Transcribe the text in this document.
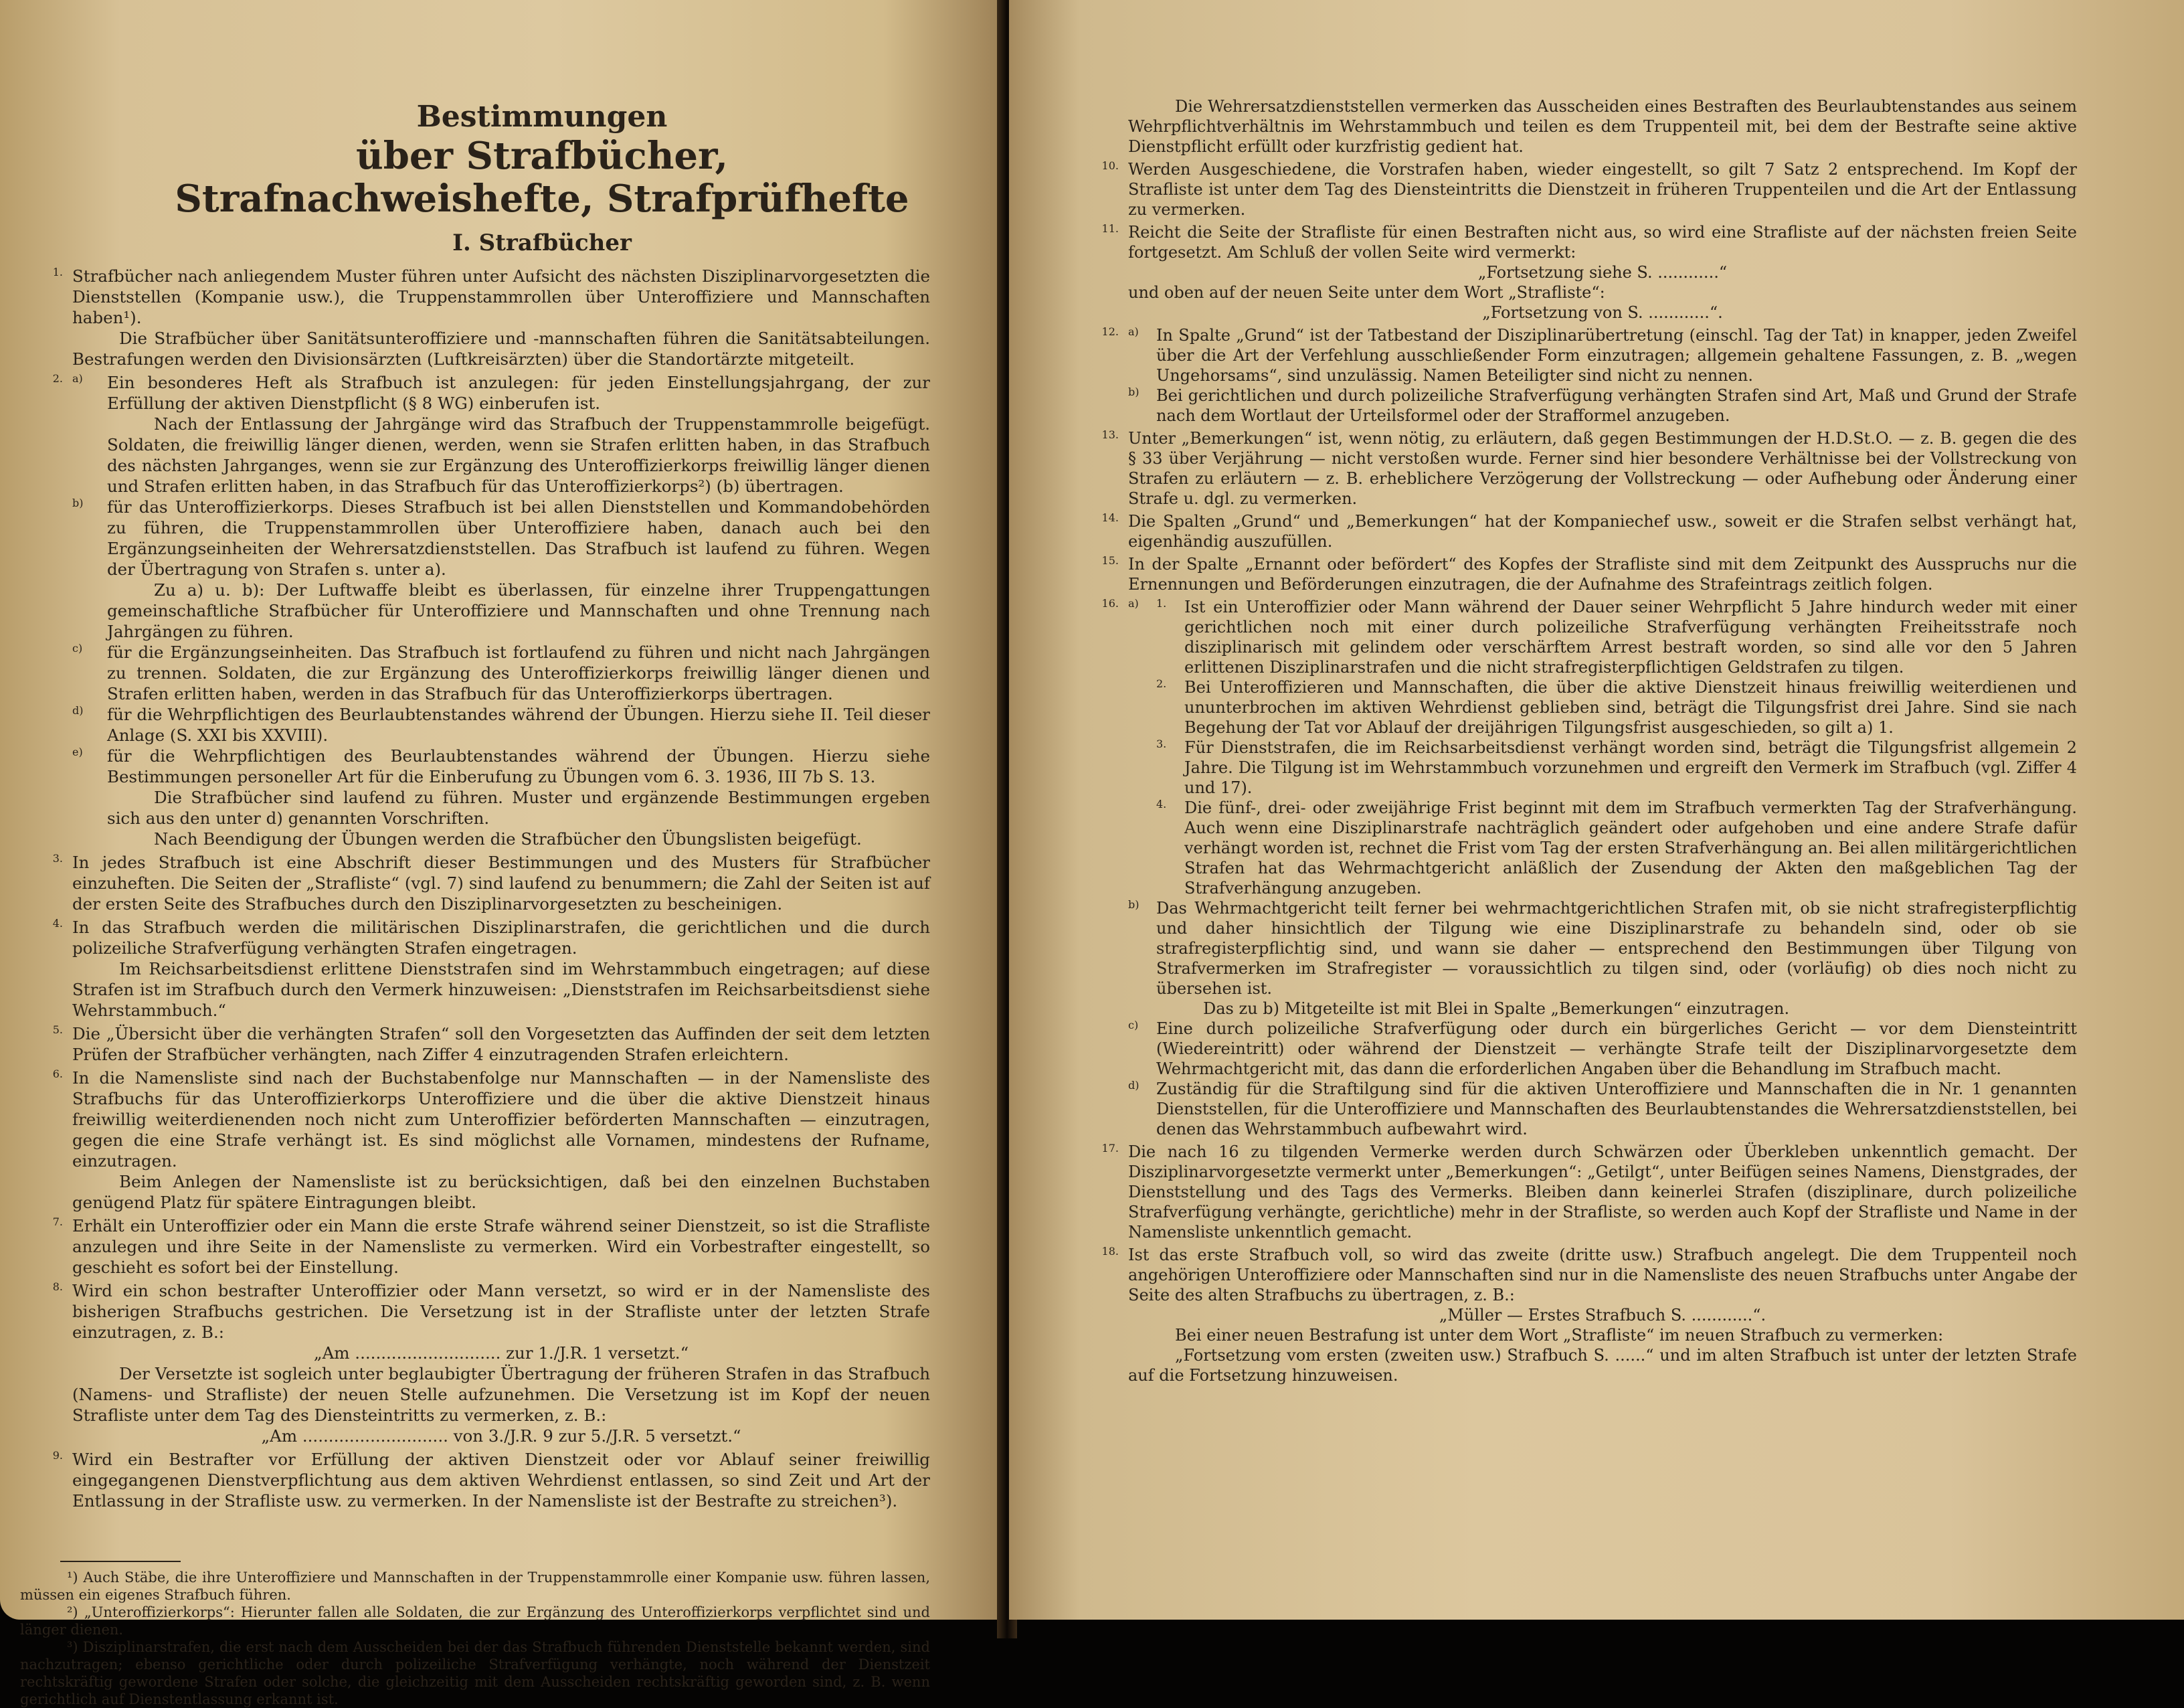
Bestimmungen
über Strafbücher, Strafnachweishefte, Strafprüfhefte
I. Strafbücher
1. Strafbücher nach anliegendem Muster führen unter Aufsicht des nächsten Disziplinarvorgesetzten die Dienststellen (Kompanie usw.), die Truppenstammrollen über Unteroffiziere und Mannschaften haben¹).

Die Strafbücher über Sanitätsunteroffiziere und -mannschaften führen die Sanitätsabteilungen. Bestrafungen werden den Divisionsärzten (Luftkreisärzten) über die Standortärzte mitgeteilt.

2. a)	Ein besonderes Heft als Strafbuch ist anzulegen: für jeden Einstellungsjahrgang, der zur Erfüllung der aktiven Dienstpflicht (§ 8 WG) einberufen ist.

Nach der Entlassung der Jahrgänge wird das Strafbuch der Truppenstammrolle beigefügt. Soldaten, die freiwillig länger dienen, werden, wenn sie Strafen erlitten haben, in das Strafbuch des nächsten Jahrganges, wenn sie zur Ergänzung des Unteroffizierkorps freiwillig länger dienen und Strafen erlitten haben, in das Strafbuch für das Unteroffizierkorps²) (b) übertragen.

b)	für das Unteroffizierkorps. Dieses Strafbuch ist bei allen Dienststellen und Kommandobehörden zu führen, die Truppenstammrollen über Unteroffiziere haben, danach auch bei den Ergänzungseinheiten der Wehrersatzdienststellen. Das Strafbuch ist laufend zu führen. Wegen der Übertragung von Strafen s. unter a).

Zu a) u. b): Der Luftwaffe bleibt es überlassen, für einzelne ihrer Truppengattungen gemeinschaftliche Strafbücher für Unteroffiziere und Mannschaften und ohne Trennung nach Jahrgängen zu führen.

c)	für die Ergänzungseinheiten. Das Strafbuch ist fortlaufend zu führen und nicht nach Jahrgängen zu trennen. Soldaten, die zur Ergänzung des Unteroffizierkorps freiwillig länger dienen und Strafen erlitten haben, werden in das Strafbuch für das Unteroffizierkorps übertragen.

d)	für die Wehrpflichtigen des Beurlaubtenstandes während der Übungen. Hierzu siehe II. Teil dieser Anlage (S. XXI bis XXVIII).

e)	für die Wehrpflichtigen des Beurlaubtenstandes während der Übungen. Hierzu siehe Bestimmungen personeller Art für die Einberufung zu Übungen vom 6. 3. 1936, III 7b S. 13.

Die Strafbücher sind laufend zu führen. Muster und ergänzende Bestimmungen ergeben sich aus den unter d) genannten Vorschriften.

Nach Beendigung der Übungen werden die Strafbücher den Übungslisten beigefügt.

3. In jedes Strafbuch ist eine Abschrift dieser Bestimmungen und des Musters für Strafbücher einzuheften. Die Seiten der „Strafliste“ (vgl. 7) sind laufend zu benummern; die Zahl der Seiten ist auf der ersten Seite des Strafbuches durch den Disziplinarvorgesetzten zu bescheinigen.

4. In das Strafbuch werden die militärischen Disziplinarstrafen, die gerichtlichen und die durch polizeiliche Strafverfügung verhängten Strafen eingetragen.

Im Reichsarbeitsdienst erlittene Dienststrafen sind im Wehrstammbuch eingetragen; auf diese Strafen ist im Strafbuch durch den Vermerk hinzuweisen: „Dienststrafen im Reichsarbeitsdienst siehe Wehrstammbuch.“

5. Die „Übersicht über die verhängten Strafen“ soll den Vorgesetzten das Auffinden der seit dem letzten Prüfen der Strafbücher verhängten, nach Ziffer 4 einzutragenden Strafen erleichtern.

6. In die Namensliste sind nach der Buchstabenfolge nur Mannschaften — in der Namensliste des Strafbuchs für das Unteroffizierkorps Unteroffiziere und die über die aktive Dienstzeit hinaus freiwillig weiterdienenden noch nicht zum Unteroffizier beförderten Mannschaften — einzutragen, gegen die eine Strafe verhängt ist. Es sind möglichst alle Vornamen, mindestens der Rufname, einzutragen.

Beim Anlegen der Namensliste ist zu berücksichtigen, daß bei den einzelnen Buchstaben genügend Platz für spätere Eintragungen bleibt.

7. Erhält ein Unteroffizier oder ein Mann die erste Strafe während seiner Dienstzeit, so ist die Strafliste anzulegen und ihre Seite in der Namensliste zu vermerken. Wird ein Vorbestrafter eingestellt, so geschieht es sofort bei der Einstellung.

8. Wird ein schon bestrafter Unteroffizier oder Mann versetzt, so wird er in der Namensliste des bisherigen Strafbuchs gestrichen. Die Versetzung ist in der Strafliste unter der letzten Strafe einzutragen, z. B.:

„Am ............................ zur 1./J.R. 1 versetzt.“

Der Versetzte ist sogleich unter beglaubigter Übertragung der früheren Strafen in das Strafbuch (Namens- und Strafliste) der neuen Stelle aufzunehmen. Die Versetzung ist im Kopf der neuen Strafliste unter dem Tag des Diensteintritts zu vermerken, z. B.:

„Am ............................ von 3./J.R. 9 zur 5./J.R. 5 versetzt.“

9. Wird ein Bestrafter vor Erfüllung der aktiven Dienstzeit oder vor Ablauf seiner freiwillig eingegangenen Dienstverpflichtung aus dem aktiven Wehrdienst entlassen, so sind Zeit und Art der Entlassung in der Strafliste usw. zu vermerken. In der Namensliste ist der Bestrafte zu streichen³).

¹) Auch Stäbe, die ihre Unteroffiziere und Mannschaften in der Truppenstammrolle einer Kompanie usw. führen lassen, müssen ein eigenes Strafbuch führen.

²) „Unteroffizierkorps“: Hierunter fallen alle Soldaten, die zur Ergänzung des Unteroffizierkorps verpflichtet sind und länger dienen.

³) Disziplinarstrafen, die erst nach dem Ausscheiden bei der das Strafbuch führenden Dienststelle bekannt werden, sind nachzutragen; ebenso gerichtliche oder durch polizeiliche Strafverfügung verhängte, noch während der Dienstzeit rechtskräftig gewordene Strafen oder solche, die gleichzeitig mit dem Ausscheiden rechtskräftig geworden sind, z. B. wenn gerichtlich auf Dienstentlassung erkannt ist.

Die Wehrersatzdienststellen vermerken das Ausscheiden eines Bestraften des Beurlaubtenstandes aus seinem Wehrpflichtverhältnis im Wehrstammbuch und teilen es dem Truppenteil mit, bei dem der Bestrafte seine aktive Dienstpflicht erfüllt oder kurzfristig gedient hat.

10. Werden Ausgeschiedene, die Vorstrafen haben, wieder eingestellt, so gilt 7 Satz 2 entsprechend. Im Kopf der Strafliste ist unter dem Tag des Diensteintritts die Dienstzeit in früheren Truppenteilen und die Art der Entlassung zu vermerken.

11. Reicht die Seite der Strafliste für einen Bestraften nicht aus, so wird eine Strafliste auf der nächsten freien Seite fortgesetzt. Am Schluß der vollen Seite wird vermerkt:

„Fortsetzung siehe S. ............“

und oben auf der neuen Seite unter dem Wort „Strafliste“:

„Fortsetzung von S. ............“.

12. a)	In Spalte „Grund“ ist der Tatbestand der Disziplinarübertretung (einschl. Tag der Tat) in knapper, jeden Zweifel über die Art der Verfehlung ausschließender Form einzutragen; allgemein gehaltene Fassungen, z. B. „wegen Ungehorsams“, sind unzulässig. Namen Beteiligter sind nicht zu nennen.

b)	Bei gerichtlichen und durch polizeiliche Strafverfügung verhängten Strafen sind Art, Maß und Grund der Strafe nach dem Wortlaut der Urteilsformel oder der Strafformel anzugeben.

13. Unter „Bemerkungen“ ist, wenn nötig, zu erläutern, daß gegen Bestimmungen der H.D.St.O. — z. B. gegen die des § 33 über Verjährung — nicht verstoßen wurde. Ferner sind hier besondere Verhältnisse bei der Vollstreckung von Strafen zu erläutern — z. B. erheblichere Verzögerung der Vollstreckung — oder Aufhebung oder Änderung einer Strafe u. dgl. zu vermerken.

14. Die Spalten „Grund“ und „Bemerkungen“ hat der Kompaniechef usw., soweit er die Strafen selbst verhängt hat, eigenhändig auszufüllen.

15. In der Spalte „Ernannt oder befördert“ des Kopfes der Strafliste sind mit dem Zeitpunkt des Ausspruchs nur die Ernennungen und Beförderungen einzutragen, die der Aufnahme des Strafeintrags zeitlich folgen.

16. a)	1.	Ist ein Unteroffizier oder Mann während der Dauer seiner Wehrpflicht 5 Jahre hindurch weder mit einer gerichtlichen noch mit einer durch polizeiliche Strafverfügung verhängten Freiheitsstrafe noch disziplinarisch mit gelindem oder verschärftem Arrest bestraft worden, so sind alle vor den 5 Jahren erlittenen Disziplinarstrafen und die nicht strafregisterpflichtigen Geldstrafen zu tilgen.

2.	Bei Unteroffizieren und Mannschaften, die über die aktive Dienstzeit hinaus freiwillig weiterdienen und ununterbrochen im aktiven Wehrdienst geblieben sind, beträgt die Tilgungsfrist drei Jahre. Sind sie nach Begehung der Tat vor Ablauf der dreijährigen Tilgungsfrist ausgeschieden, so gilt a) 1.

3.	Für Dienststrafen, die im Reichsarbeitsdienst verhängt worden sind, beträgt die Tilgungsfrist allgemein 2 Jahre. Die Tilgung ist im Wehrstammbuch vorzunehmen und ergreift den Vermerk im Strafbuch (vgl. Ziffer 4 und 17).

4.	Die fünf-, drei- oder zweijährige Frist beginnt mit dem im Strafbuch vermerkten Tag der Strafverhängung. Auch wenn eine Disziplinarstrafe nachträglich geändert oder aufgehoben und eine andere Strafe dafür verhängt worden ist, rechnet die Frist vom Tag der ersten Strafverhängung an. Bei allen militärgerichtlichen Strafen hat das Wehrmachtgericht anläßlich der Zusendung der Akten den maßgeblichen Tag der Strafverhängung anzugeben.

b)	Das Wehrmachtgericht teilt ferner bei wehrmachtgerichtlichen Strafen mit, ob sie nicht strafregisterpflichtig und daher hinsichtlich der Tilgung wie eine Disziplinarstrafe zu behandeln sind, oder ob sie strafregisterpflichtig sind, und wann sie daher — entsprechend den Bestimmungen über Tilgung von Strafvermerken im Strafregister — voraussichtlich zu tilgen sind, oder (vorläufig) ob dies noch nicht zu übersehen ist.

Das zu b) Mitgeteilte ist mit Blei in Spalte „Bemerkungen“ einzutragen.

c)	Eine durch polizeiliche Strafverfügung oder durch ein bürgerliches Gericht — vor dem Diensteintritt (Wiedereintritt) oder während der Dienstzeit — verhängte Strafe teilt der Disziplinarvorgesetzte dem Wehrmachtgericht mit, das dann die erforderlichen Angaben über die Behandlung im Strafbuch macht.

d)	Zuständig für die Straftilgung sind für die aktiven Unteroffiziere und Mannschaften die in Nr. 1 genannten Dienststellen, für die Unteroffiziere und Mannschaften des Beurlaubtenstandes die Wehrersatzdienststellen, bei denen das Wehrstammbuch aufbewahrt wird.

17. Die nach 16 zu tilgenden Vermerke werden durch Schwärzen oder Überkleben unkenntlich gemacht. Der Disziplinarvorgesetzte vermerkt unter „Bemerkungen“: „Getilgt“, unter Beifügen seines Namens, Dienstgrades, der Dienststellung und des Tags des Vermerks. Bleiben dann keinerlei Strafen (disziplinare, durch polizeiliche Strafverfügung verhängte, gerichtliche) mehr in der Strafliste, so werden auch Kopf der Strafliste und Name in der Namensliste unkenntlich gemacht.

18. Ist das erste Strafbuch voll, so wird das zweite (dritte usw.) Strafbuch angelegt. Die dem Truppenteil noch angehörigen Unteroffiziere oder Mannschaften sind nur in die Namensliste des neuen Strafbuchs unter Angabe der Seite des alten Strafbuchs zu übertragen, z. B.:

„Müller — Erstes Strafbuch S. ............“.

Bei einer neuen Bestrafung ist unter dem Wort „Strafliste“ im neuen Strafbuch zu vermerken:

„Fortsetzung vom ersten (zweiten usw.) Strafbuch S. ......“ und im alten Strafbuch ist unter der letzten Strafe auf die Fortsetzung hinzuweisen.
